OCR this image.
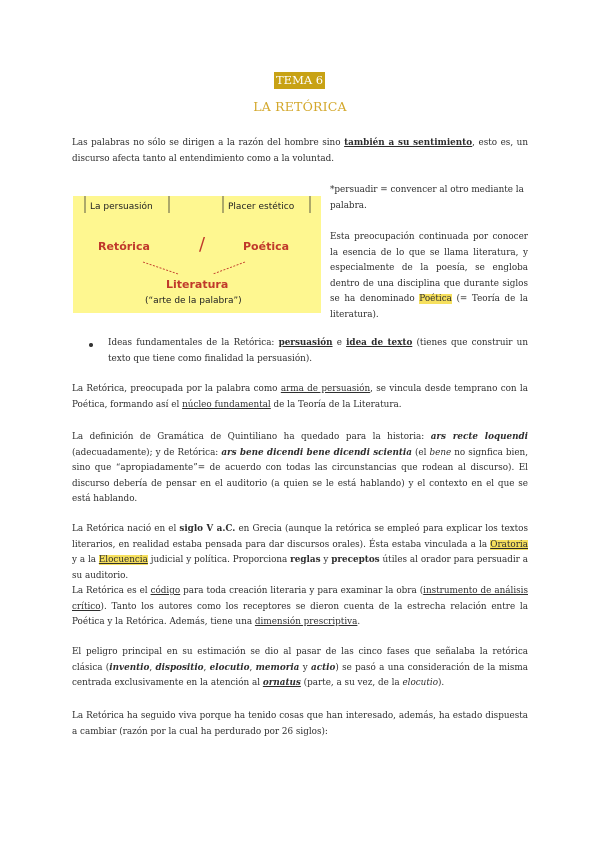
TEMA 6
LA RETÓRICA

Las palabras no sólo se dirigen a la razón del hombre sino también a su sentimiento, esto es, un discurso afecta tanto al entendimiento como a la voluntad.

La persuasión	Placer estético
Retórica	/	Poética
Literatura
(“arte de la palabra”)

*persuadir = convencer al otro mediante la palabra.

Esta preocupación continuada por conocer la esencia de lo que se llama literatura, y especialmente de la poesía, se engloba dentro de una disciplina que durante siglos se ha denominado Poética (= Teoría de la literatura).

Ideas fundamentales de la Retórica: persuasión e idea de texto (tienes que construir un texto que tiene como finalidad la persuasión).

La Retórica, preocupada por la palabra como arma de persuasión, se vincula desde temprano con la Poética, formando así el núcleo fundamental de la Teoría de la Literatura.

La definición de Gramática de Quintiliano ha quedado para la historia: ars recte loquendi (adecuadamente); y de Retórica: ars bene dicendi bene dicendi scientia (el bene no signfica bien, sino que “apropiadamente”= de acuerdo con todas las circunstancias que rodean al discurso). El discurso debería de pensar en el auditorio (a quien se le está hablando) y el contexto en el que se está hablando.

La Retórica nació en el siglo V a.C. en Grecia (aunque la retórica se empleó para explicar los textos literarios, en realidad estaba pensada para dar discursos orales). Ésta estaba vinculada a la Oratoria y a la Elocuencia judicial y política. Proporciona reglas y preceptos útiles al orador para persuadir a su auditorio.

La Retórica es el código para toda creación literaria y para examinar la obra (instrumento de análisis crítico). Tanto los autores como los receptores se dieron cuenta de la estrecha relación entre la Poética y la Retórica. Además, tiene una dimensión prescriptiva.

El peligro principal en su estimación se dio al pasar de las cinco fases que señalaba la retórica clásica (inventio, dispositio, elocutio, memoria y actio) se pasó a una consideración de la misma centrada exclusivamente en la atención al ornatus (parte, a su vez, de la elocutio).

La Retórica ha seguido viva porque ha tenido cosas que han interesado, además, ha estado dispuesta a cambiar (razón por la cual ha perdurado por 26 siglos):
